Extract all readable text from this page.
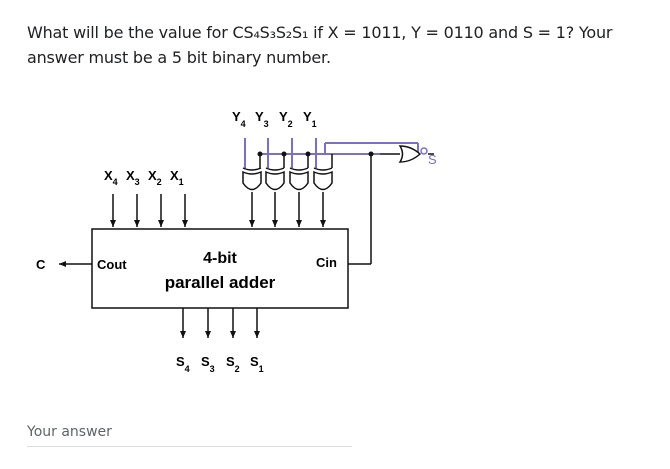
What will be the value for CS₄S₃S₂S₁ if X = 1011, Y = 0110 and S = 1? Your answer must be a 5 bit binary number.
4-bit
parallel adder
Cout	Cin
C
$X_4$ $X_3$ $X_2$ $X_1$
$Y_4$ $Y_3$ $Y_2$ $Y_1$
S
$S_4$ $S_3$ $S_2$ $S_1$
Your answer
